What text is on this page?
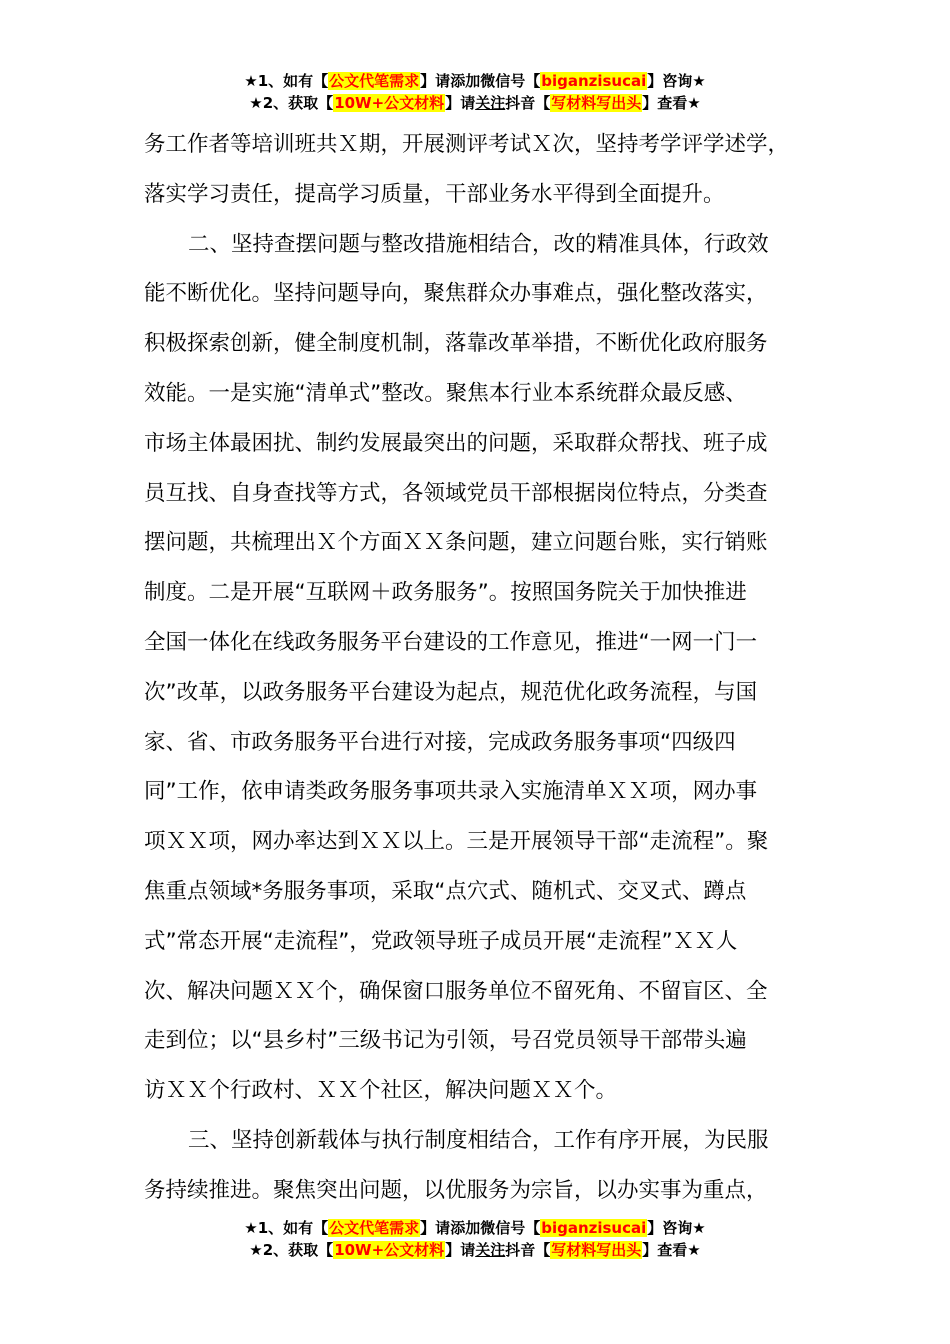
★1、如有【公文代笔需求】请添加微信号【biganzisucai】咨询★
★2、获取【10W+公文材料】请关注抖音【写材料写出头】查看★
务工作者等培训班共Ｘ期，开展测评考试Ｘ次，坚持考学评学述学，
落实学习责任，提高学习质量，干部业务水平得到全面提升。
二、坚持查摆问题与整改措施相结合，改的精准具体，行政效
能不断优化。坚持问题导向，聚焦群众办事难点，强化整改落实，
积极探索创新，健全制度机制，落靠改革举措，不断优化政府服务
效能。一是实施“清单式”整改。聚焦本行业本系统群众最反感、
市场主体最困扰、制约发展最突出的问题，采取群众帮找、班子成
员互找、自身查找等方式，各领域党员干部根据岗位特点，分类查
摆问题，共梳理出Ｘ个方面ＸＸ条问题，建立问题台账，实行销账
制度。二是开展“互联网＋政务服务”。按照国务院关于加快推进
全国一体化在线政务服务平台建设的工作意见，推进“一网一门一
次”改革，以政务服务平台建设为起点，规范优化政务流程，与国
家、省、市政务服务平台进行对接，完成政务服务事项“四级四
同”工作，依申请类政务服务事项共录入实施清单ＸＸ项，网办事
项ＸＸ项，网办率达到ＸＸ以上。三是开展领导干部“走流程”。聚
焦重点领域*务服务事项，采取“点穴式、随机式、交叉式、蹲点
式”常态开展“走流程”，党政领导班子成员开展“走流程”ＸＸ人
次、解决问题ＸＸ个，确保窗口服务单位不留死角、不留盲区、全
走到位；以“县乡村”三级书记为引领，号召党员领导干部带头遍
访ＸＸ个行政村、ＸＸ个社区，解决问题ＸＸ个。
三、坚持创新载体与执行制度相结合，工作有序开展，为民服
务持续推进。聚焦突出问题，以优服务为宗旨，以办实事为重点，
★1、如有【公文代笔需求】请添加微信号【biganzisucai】咨询★
★2、获取【10W+公文材料】请关注抖音【写材料写出头】查看★
